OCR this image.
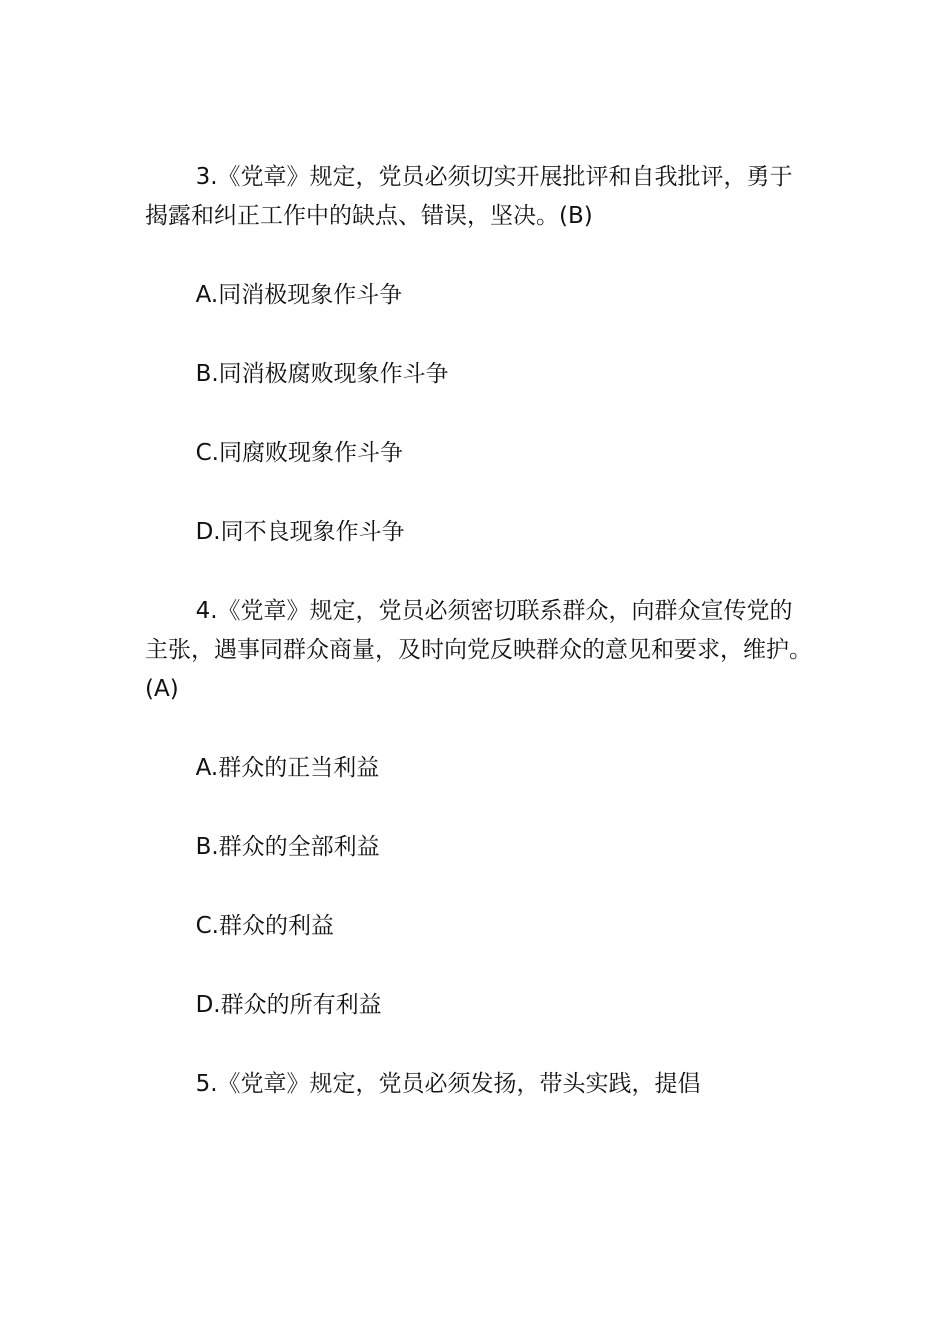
3.《党章》规定，党员必须切实开展批评和自我批评，勇于揭露和纠正工作中的缺点、错误，坚决。(B)

A.同消极现象作斗争

B.同消极腐败现象作斗争

C.同腐败现象作斗争

D.同不良现象作斗争

4.《党章》规定，党员必须密切联系群众，向群众宣传党的主张，遇事同群众商量，及时向党反映群众的意见和要求，维护。(A)

A.群众的正当利益

B.群众的全部利益

C.群众的利益

D.群众的所有利益

5.《党章》规定，党员必须发扬，带头实践，提倡
